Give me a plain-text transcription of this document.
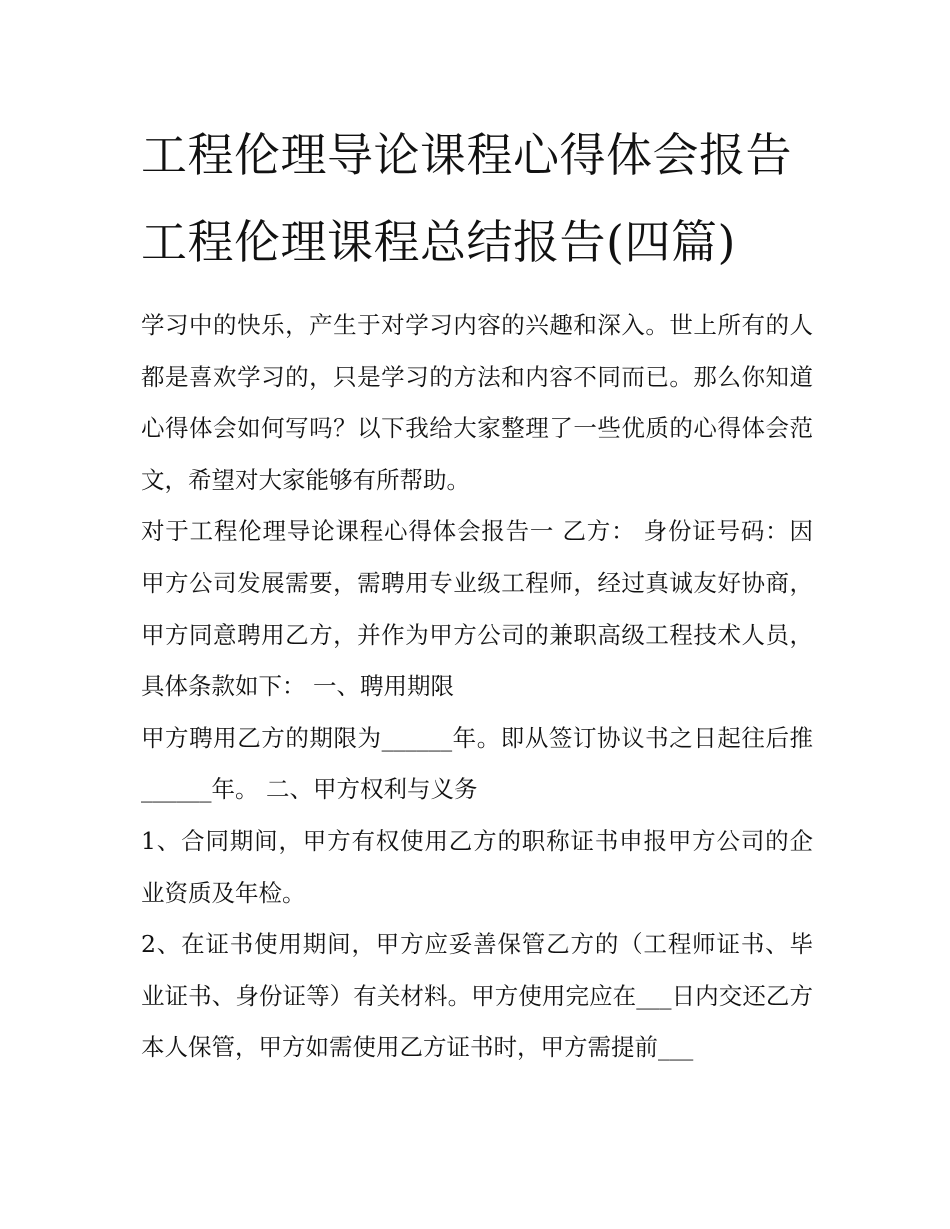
工程伦理导论课程心得体会报告 工程伦理课程总结报告(四篇)

学习中的快乐，产生于对学习内容的兴趣和深入。世上所有的人都是喜欢学习的，只是学习的方法和内容不同而已。那么你知道心得体会如何写吗？以下我给大家整理了一些优质的心得体会范文，希望对大家能够有所帮助。

对于工程伦理导论课程心得体会报告一 乙方： 身份证号码：因甲方公司发展需要，需聘用专业级工程师，经过真诚友好协商，甲方同意聘用乙方，并作为甲方公司的兼职高级工程技术人员，具体条款如下： 一、聘用期限

甲方聘用乙方的期限为______年。即从签订协议书之日起往后推______年。 二、甲方权利与义务

1、合同期间，甲方有权使用乙方的职称证书申报甲方公司的企业资质及年检。

2、在证书使用期间，甲方应妥善保管乙方的（工程师证书、毕业证书、身份证等）有关材料。甲方使用完应在___日内交还乙方本人保管，甲方如需使用乙方证书时，甲方需提前___
